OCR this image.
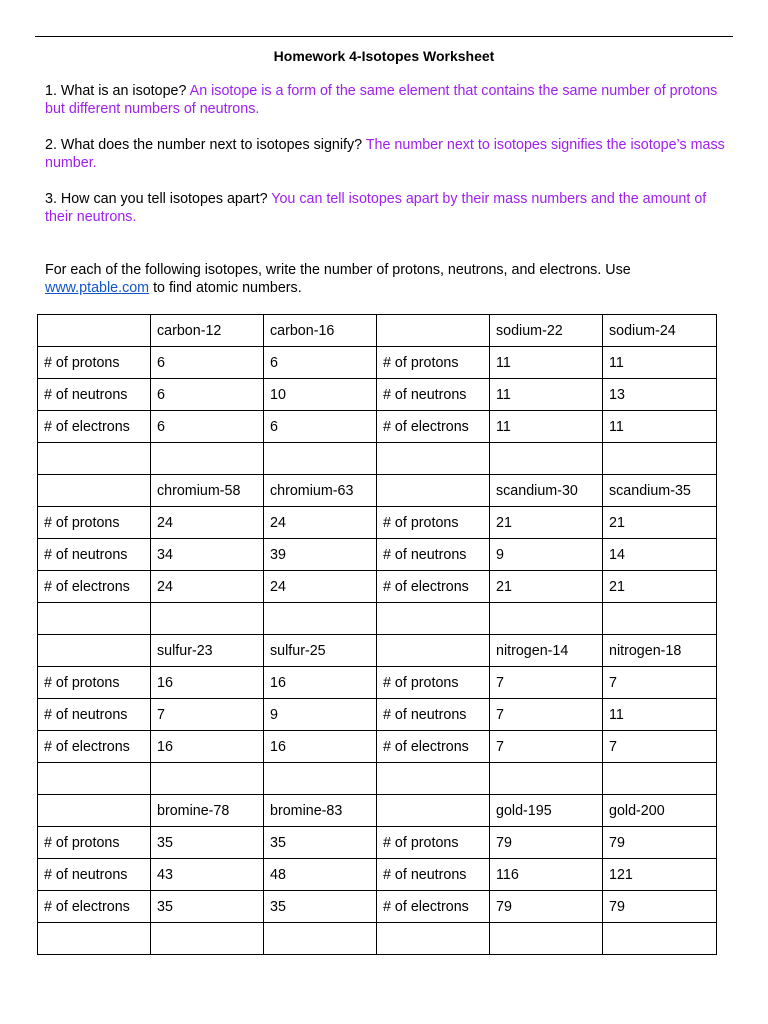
Homework 4-Isotopes Worksheet
1. What is an isotope? An isotope is a form of the same element that contains the same number of protons but different numbers of neutrons.
2. What does the number next to isotopes signify? The number next to isotopes signifies the isotope’s mass number.
3. How can you tell isotopes apart? You can tell isotopes apart by their mass numbers and the amount of their neutrons.
For each of the following isotopes, write the number of protons, neutrons, and electrons. Use www.ptable.com to find atomic numbers.
	carbon-12	carbon-16		sodium-22	sodium-24
# of protons	6	6	# of protons	11	11
# of neutrons	6	10	# of neutrons	11	13
# of electrons	6	6	# of electrons	11	11

	chromium-58	chromium-63		scandium-30	scandium-35
# of protons	24	24	# of protons	21	21
# of neutrons	34	39	# of neutrons	9	14
# of electrons	24	24	# of electrons	21	21

	sulfur-23	sulfur-25		nitrogen-14	nitrogen-18
# of protons	16	16	# of protons	7	7
# of neutrons	7	9	# of neutrons	7	11
# of electrons	16	16	# of electrons	7	7

	bromine-78	bromine-83		gold-195	gold-200
# of protons	35	35	# of protons	79	79
# of neutrons	43	48	# of neutrons	116	121
# of electrons	35	35	# of electrons	79	79
